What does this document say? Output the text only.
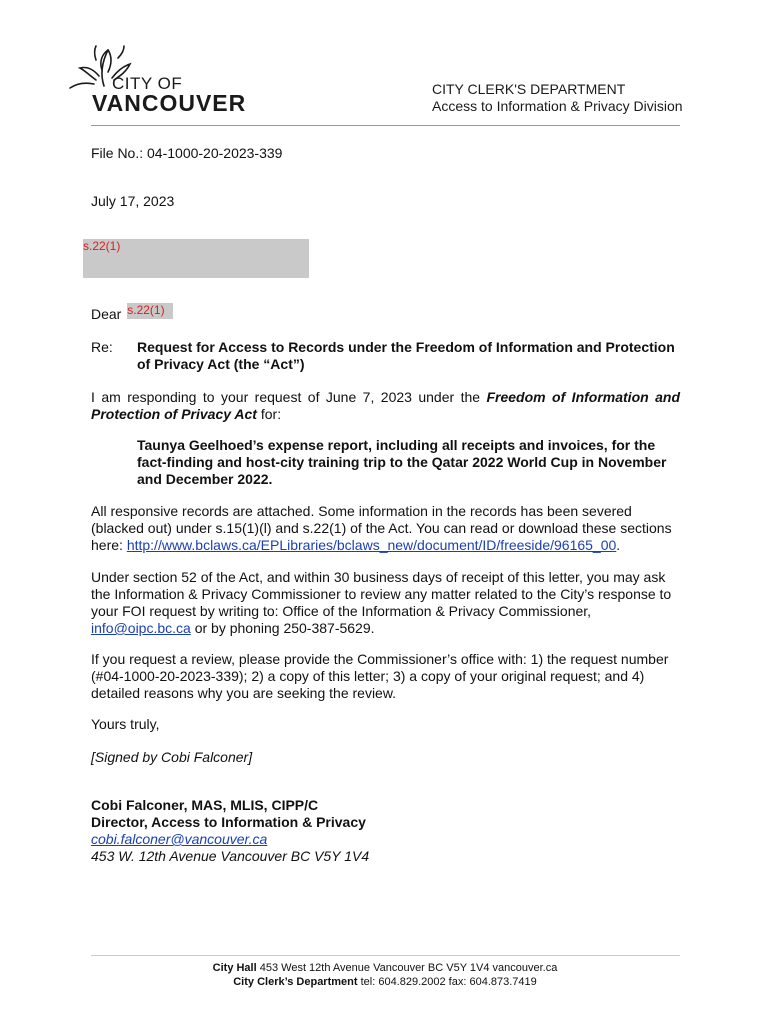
CITY OF
VANCOUVER
CITY CLERK'S DEPARTMENT
Access to Information & Privacy Division
File No.: 04-1000-20-2023-339
July 17, 2023
s.22(1)
Dear s.22(1)
Re: Request for Access to Records under the Freedom of Information and Protection
of Privacy Act (the “Act”)
I am responding to your request of June 7, 2023 under the Freedom of Information and
Protection of Privacy Act for:
Taunya Geelhoed’s expense report, including all receipts and invoices, for the
fact-finding and host-city training trip to the Qatar 2022 World Cup in November
and December 2022.
All responsive records are attached. Some information in the records has been severed
(blacked out) under s.15(1)(l) and s.22(1) of the Act. You can read or download these sections
here: http://www.bclaws.ca/EPLibraries/bclaws_new/document/ID/freeside/96165_00.
Under section 52 of the Act, and within 30 business days of receipt of this letter, you may ask
the Information & Privacy Commissioner to review any matter related to the City’s response to
your FOI request by writing to: Office of the Information & Privacy Commissioner,
info@oipc.bc.ca or by phoning 250-387-5629.
If you request a review, please provide the Commissioner’s office with: 1) the request number
(#04-1000-20-2023-339); 2) a copy of this letter; 3) a copy of your original request; and 4)
detailed reasons why you are seeking the review.
Yours truly,
[Signed by Cobi Falconer]
Cobi Falconer, MAS, MLIS, CIPP/C
Director, Access to Information & Privacy
cobi.falconer@vancouver.ca
453 W. 12th Avenue Vancouver BC V5Y 1V4
City Hall 453 West 12th Avenue Vancouver BC V5Y 1V4 vancouver.ca
City Clerk’s Department tel: 604.829.2002 fax: 604.873.7419
